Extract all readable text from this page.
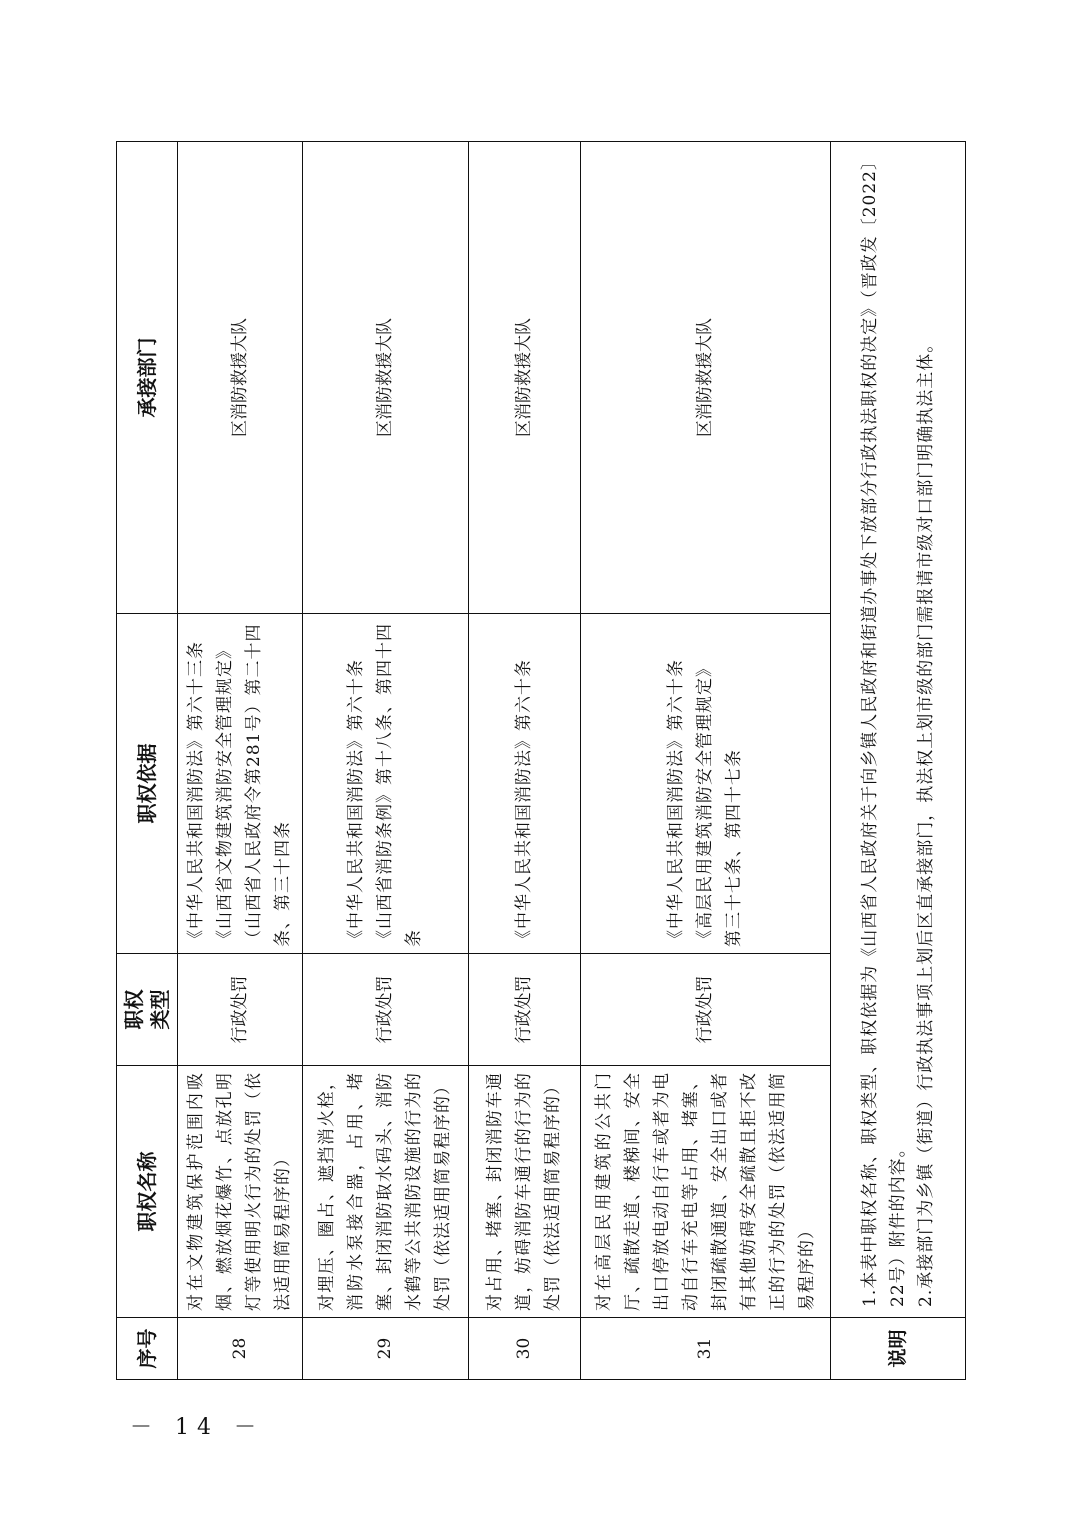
序号	职权名称	职权 类型	职权依据	承接部门
28	对在文物建筑保护范围内吸烟、燃放烟花爆竹、点放孔明灯等使用明火行为的处罚（依法适用简易程序的）	行政处罚	《中华人民共和国消防法》第六十三条 《山西省文物建筑消防安全管理规定》（山西省人民政府令第281号）第二十四条、第三十四条	区消防救援大队
29	对埋压、圈占、遮挡消火栓，消防水泵接合器，占用、堵塞、封闭消防取水码头、消防水鹤等公共消防设施的行为的处罚（依法适用简易程序的）	行政处罚	《中华人民共和国消防法》第六十条 《山西省消防条例》第十八条、第四十四条	区消防救援大队
30	对占用、堵塞、封闭消防车通道，妨碍消防车通行的行为的处罚（依法适用简易程序的）	行政处罚	《中华人民共和国消防法》第六十条	区消防救援大队
31	对在高层民用建筑的公共门厅、疏散走道、楼梯间、安全出口停放电动自行车或者为电动自行车充电等占用、堵塞、封闭疏散通道、安全出口或者有其他妨碍安全疏散且拒不改正的行为的处罚（依法适用简易程序的）	行政处罚	《中华人民共和国消防法》第六十条 《高层民用建筑消防安全管理规定》 第三十七条、第四十七条	区消防救援大队
说明	1.本表中职权名称、职权类型、职权依据为《山西省人民政府关于向乡镇人民政府和街道办事处下放部分行政执法职权的决定》（晋政发〔2022〕22号）附件的内容。 2.承接部门为乡镇（街道）行政执法事项上划后区直承接部门，执法权上划市级的部门需报请市级对口部门明确执法主体。			
－ 14 －
